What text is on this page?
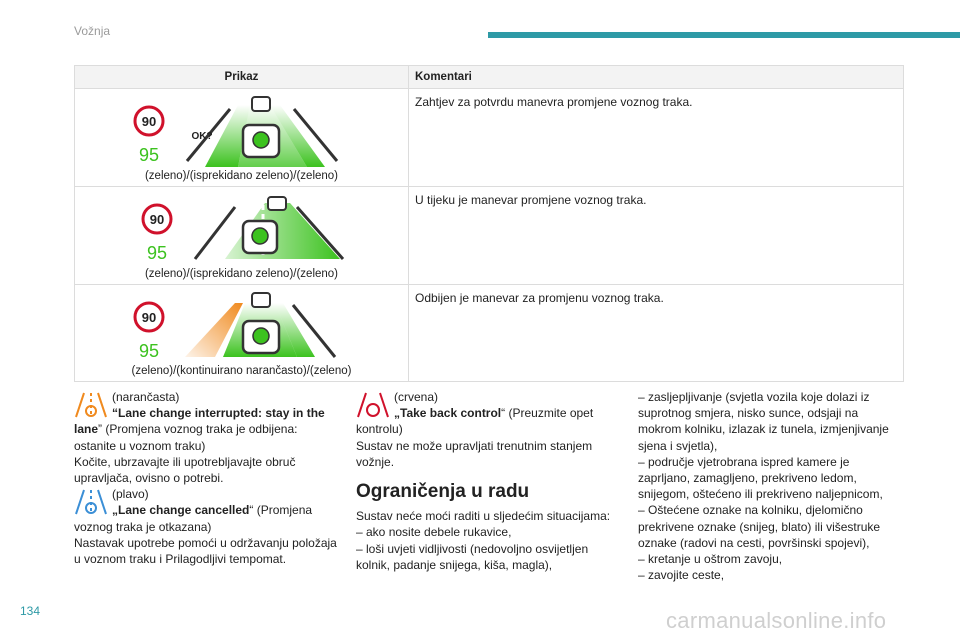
Vožnja
Prikaz	Komentari
90
95
OK?
(zeleno)/(isprekidano zeleno)/(zeleno)
Zahtjev za potvrdu manevra promjene voznog traka.
90
95
(zeleno)/(isprekidano zeleno)/(zeleno)
U tijeku je manevar promjene voznog traka.
90
95
(zeleno)/(kontinuirano narančasto)/(zeleno)
Odbijen je manevar za promjenu voznog traka.

(narančasta)
“Lane change interrupted: stay in the lane” (Promjena voznog traka je odbijena: ostanite u voznom traku)
Kočite, ubrzavajte ili upotrebljavajte obruč upravljača, ovisno o potrebi.

(plavo)
„Lane change cancelled“ (Promjena voznog traka je otkazana)
Nastavak upotrebe pomoći u održavanju položaja u voznom traku i Prilagodljivi tempomat.

(crvena)
„Take back control“ (Preuzmite opet kontrolu)
Sustav ne može upravljati trenutnim stanjem vožnje.

Ograničenja u radu

Sustav neće moći raditi u sljedećim situacijama:

– ako nosite debele rukavice,

– loši uvjeti vidljivosti (nedovoljno osvijetljen kolnik, padanje snijega, kiša, magla),

– zasljepljivanje (svjetla vozila koje dolazi iz suprotnog smjera, nisko sunce, odsjaji na mokrom kolniku, izlazak iz tunela, izmjenjivanje sjena i svjetla),

– područje vjetrobrana ispred kamere je zaprljano, zamagljeno, prekriveno ledom, snijegom, oštećeno ili prekriveno naljepnicom,

– Oštećene oznake na kolniku, djelomično prekrivene oznake (snijeg, blato) ili višestruke oznake (radovi na cesti, površinski spojevi),

– kretanje u oštrom zavoju,

– zavojite ceste,

134	carmanualsonline.info
